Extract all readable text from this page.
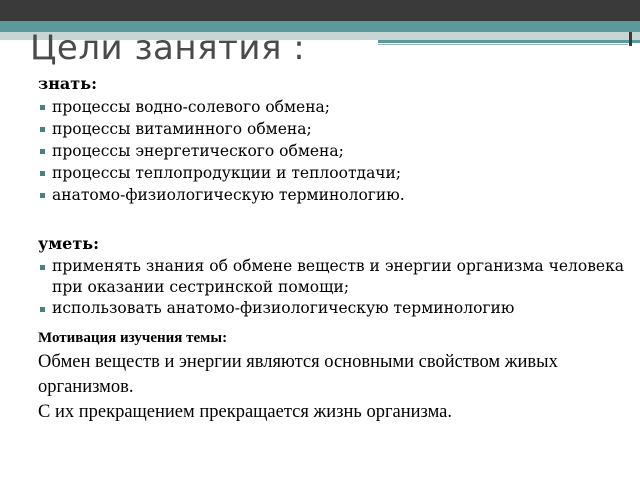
Цели занятия :
знать:
процессы водно-солевого обмена;
процессы витаминного обмена;
процессы энергетического обмена;
процессы теплопродукции и теплоотдачи;
анатомо-физиологическую терминологию.
уметь:
применять знания об обмене веществ и энергии организма человека при оказании сестринской помощи;
использовать анатомо-физиологическую терминологию
Мотивация изучения темы:
Обмен веществ и энергии являются основными свойством живых организмов.
С их прекращением прекращается жизнь организма.
